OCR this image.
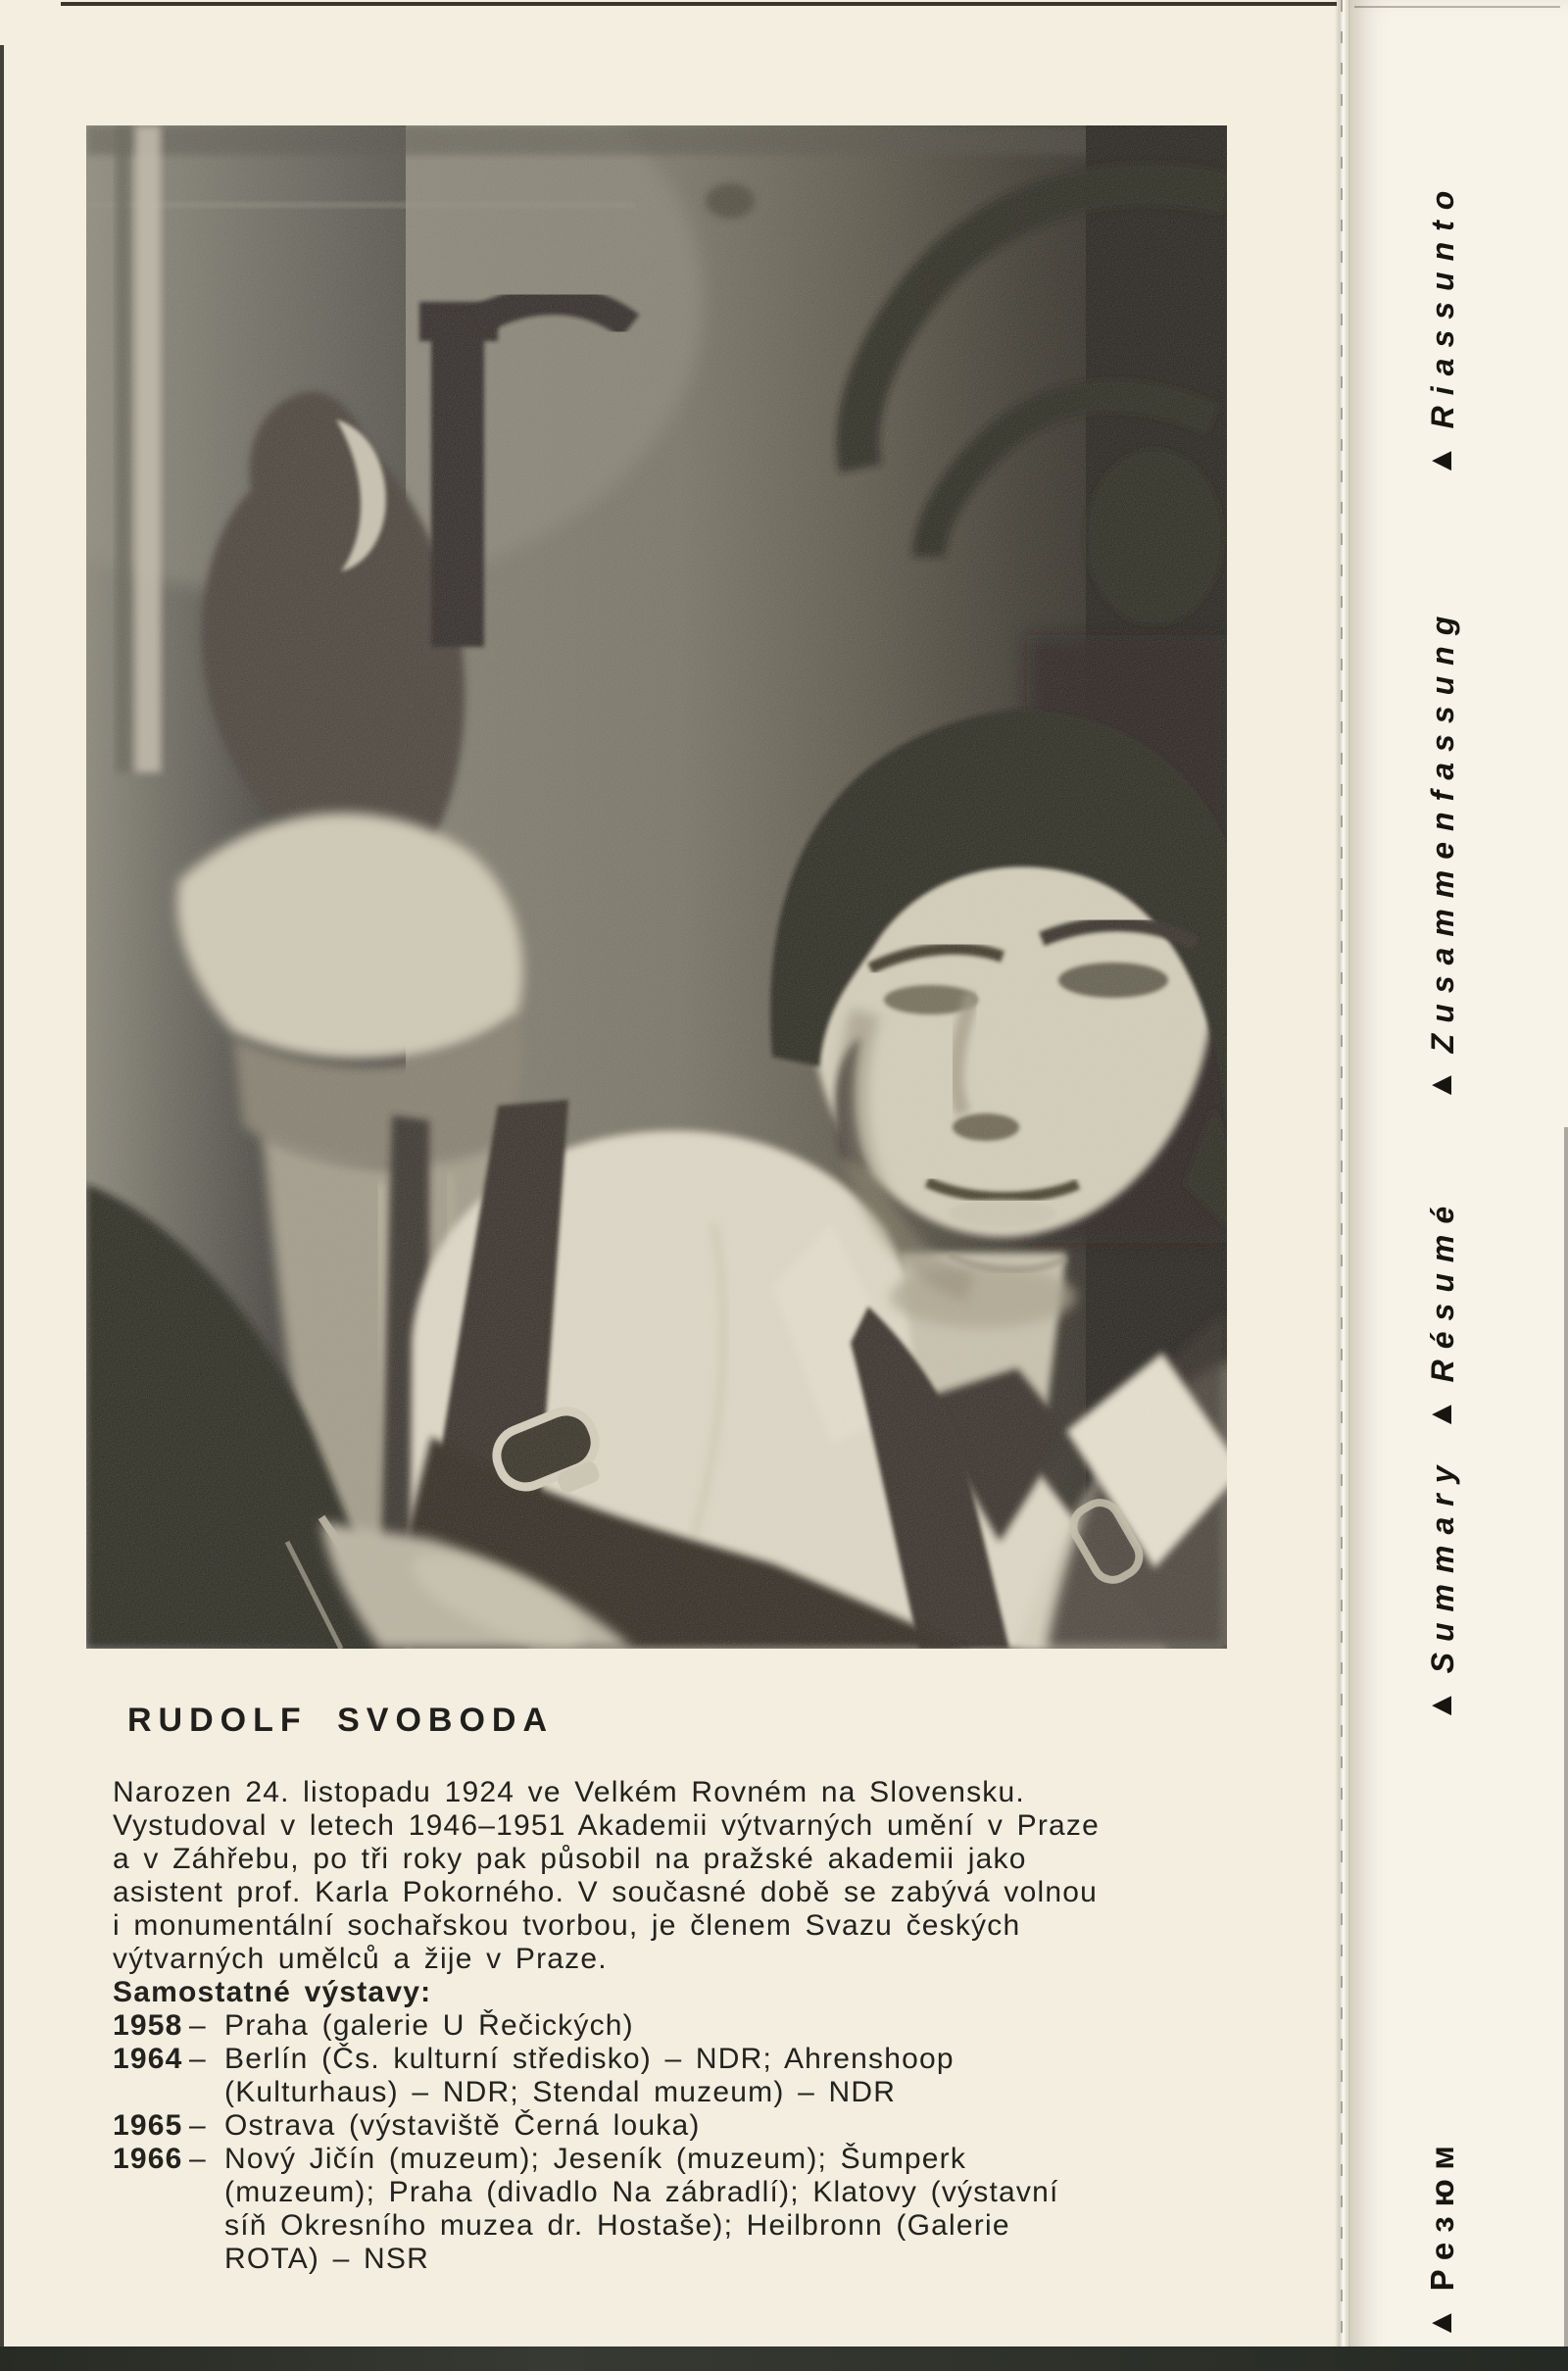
RUDOLF SVOBODA
Narozen 24. listopadu 1924 ve Velkém Rovném na Slovensku.
Vystudoval v letech 1946–1951 Akademii výtvarných umění v Praze
a v Záhřebu, po tři roky pak působil na pražské akademii jako
asistent prof. Karla Pokorného. V současné době se zabývá volnou
i monumentální sochařskou tvorbou, je členem Svazu českých
výtvarných umělců a žije v Praze.
Samostatné výstavy:
1958 – Praha (galerie U Řečických)
1964 – Berlín (Čs. kulturní středisko) – NDR; Ahrenshoop
(Kulturhaus) – NDR; Stendal muzeum) – NDR
1965 – Ostrava (výstaviště Černá louka)
1966 – Nový Jičín (muzeum); Jeseník (muzeum); Šumperk
(muzeum); Praha (divadlo Na zábradlí); Klatovy (výstavní
síň Okresního muzea dr. Hostaše); Heilbronn (Galerie
ROTA) – NSR
▲Riassunto
▲Zusammenfassung
▲Résumé
▲Summary
▲Резюм
